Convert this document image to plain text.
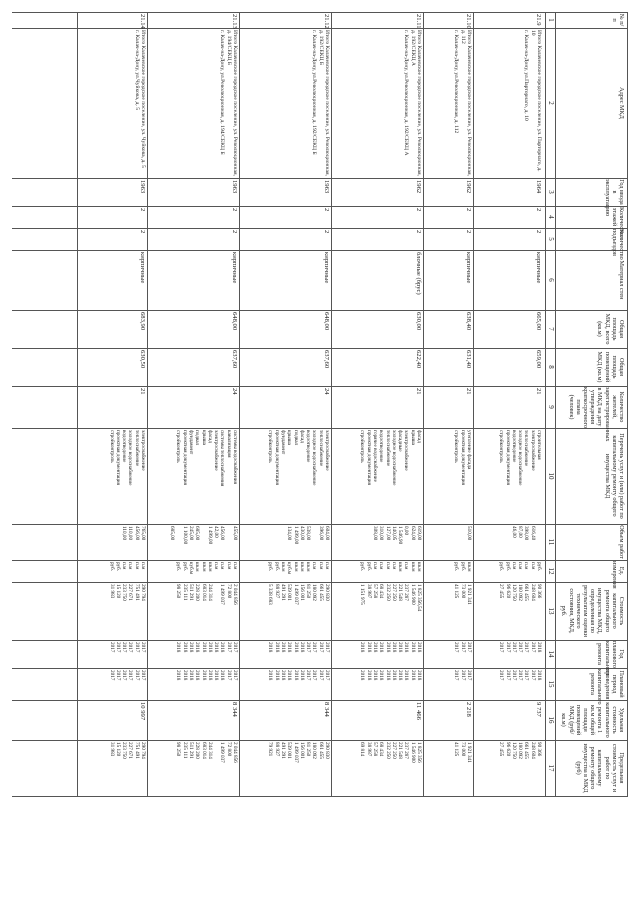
№ п/п
1
Адрес МКД
2
Год ввода в эксплуатацию
3
Количество этажей
4
Количество подъездов
5
Материал стен
6
Общая площадь МКД, всего (кв.м)
7
Общая площадь помещений МКД (кв.м)
8
Количество жителей, зарегистрированных в МКД на дату утверждения краткосрочного плана (человек)
9
Перечень услуг и (или) работ по капитальному ремонту общего имущества МКД
10
Объем работ
11
Ед. измерения
12
Стоимость капитального ремонта общего имущества МКД, определенная по результатам оценки технического состояния, МКД, руб.
13
Год планового капитального ремонта
14
Плановый период проведения капитального ремонта
15
Удельная стоимость капитального ремонта 1 кв.м общей площади помещений МКД (руб/кв.м)
16
Предельная стоимость услуг и работ по капитальному ремонту общего имущества в МКД (руб)
17
21.9
Итого Калачевское городское поселение, ул. Парторнаго, д. 10
г. Калач-на-Дону, ул.Парторнаго, д. 10
1964
2
2
кирпичные
665,00
659,00
21
строительная
электроснабжение
теплоснабжение
холодное водоснабжение
водоотведение
проектная документация
стройконтроль

616,40
398,00
87,00
46,00

руб.
п.м
п.м
п.м
п.м
руб.
руб.
90 366
248 604
661 455
180 092
120 750
96 620
27 455
2018
2017
2017
2017
2017
2017
2017
2018
2017
2017
2017
2017
2017
2017
9 737
90 366
248 604
661 455
180 092
120 750
96 620
27 455
21.10
Итого Калачевское городское поселение, ул. Революционная, д. 112
г. Калач-на-Дону, ул.Революционная, д. 112
1962
2
2
кирпичные
638,40
631,40
21
утепление фасада
проектная документация
стройконтроль
510,00

кв.м
руб.
руб.
1 921 341
73 000
41 125
2017
2017
2017
2017
2017
2017
2 218
1 921 341
73 000
41 125
21.11
Итого Калачевское городское поселение, ул. Революционная, д. 192/СЕКЦ А
г. Калач-на-Дону, ул.Революционная, д. 192/СЕКЦ А
1962
2
2
блочные (брус)
630,00
622,40
21
фасад
крыша
электроснабжение
фасадные
холодное водоснабжение
теплоснабжение
водоотведение
горячее водоснабжение
проектная документация
стройконтроль
619,00
624,00
0,00
1 546,90
140,05
127,00
310,00
308,00

кв.м
кв.м
п.м
кв.м
п.м
п.м
п.м
п.м
руб.
руб.
1 825 356,54
1 546 900
237 287
221 548
227 250
232 250
68 434
57 258
38 987
1 151 975
2018
2018
2018
2018
2018
2018
2018
2018
2018
2018
2018
2018
2018
2018
2018
2018
2018
2018
2018
2018
11 466
1 825 356
1 546 900
237 287
221 548
227 250
232 250
68 434
57 258
38 987
69 814
21.12
Итого Калачевское городское поселение, ул. Революционная, д. 192/СЕКЦ Б
г. Калач-на-Дону, ул.Революционная, д. 192/СЕКЦ Б
1963
2
2
кирпичные
648,00
637,60
24
электроснабжение
теплоснабжение
холодное водоснабжение
водоотведение
фасад
подвал
крыша
фундамент
проектная документация
стройконтроль
604,00
396,00

538,00
430,00
1 499,00
134,00

п.м
п.м
п.м
кв.м
кв.м
кв.м
куб.м
кв.м
руб.
руб.
290 830
661 455
180 092
81 250
156 001
1 499 037
539 001
491 291
88 927
5 338 683
2017
2017
2017
2017
2018
2018
2018
2018
2018
2018
2017
2017
2017
2017
2018
2018
2018
2018
2018
2018
8 344
290 830
661 455
180 092
81 250
156 001
1 499 037
539 001
491 291
88 927
79 921
21.13
Итого Калачевское городское поселение, ул. Революционная, д. 194/СЕКЦ Б
г. Калач-на-Дону, ул.Революционная, д. 194/СЕКЦ Б
1963
2
2
кирпичные
648,00
637,60
24
системы водоснабжения
канализация
системы теплоснабжения
электроснабжение
фасад
крыша
подвал
фундамент
проектная документация
стройконтроль
455,00

456,00
42,00
1 499,00

685,00
245,00
1 100,00

685,00
п.м
п.м
п.м
п.м
кв.м
кв.м
кв.м
куб.м
руб.
руб.
2 044 856
72 800
1 499 037

244 314
683 014
228 200
511 291
235 111
98 250
2017
2017
2018
2018
2018
2018
2018
2018
2018
2018
2017
2017
2018
2018
2018
2018
2018
2018
2018
2018
8 344
2 044 856
72 800
1 499 037

244 314
683 014
228 200
511 291
235 111
98 250
21.14
Итого Калачевское городское поселение, ул. Чуйкова, д. 5
г. Калач-на-Дону, ул.Чуйкова, д. 5
1963
2
2
кирпичные
683,90
630,50
21
электроснабжение
теплоснабжение
холодное водоснабжение
водоотведение
проектная документация
стройконтроль
765,00
456,00
110,00
110,00

п.м
п.м
п.м
п.м
руб.
руб.
290 794
751 491
227 671
233 750
15 120
31 983
2017
2017
2017
2017
2017
2017
2017
2017
2017
2017
2017
2017
10 997
290 794
751 491
227 671
233 750
15 120
31 983
